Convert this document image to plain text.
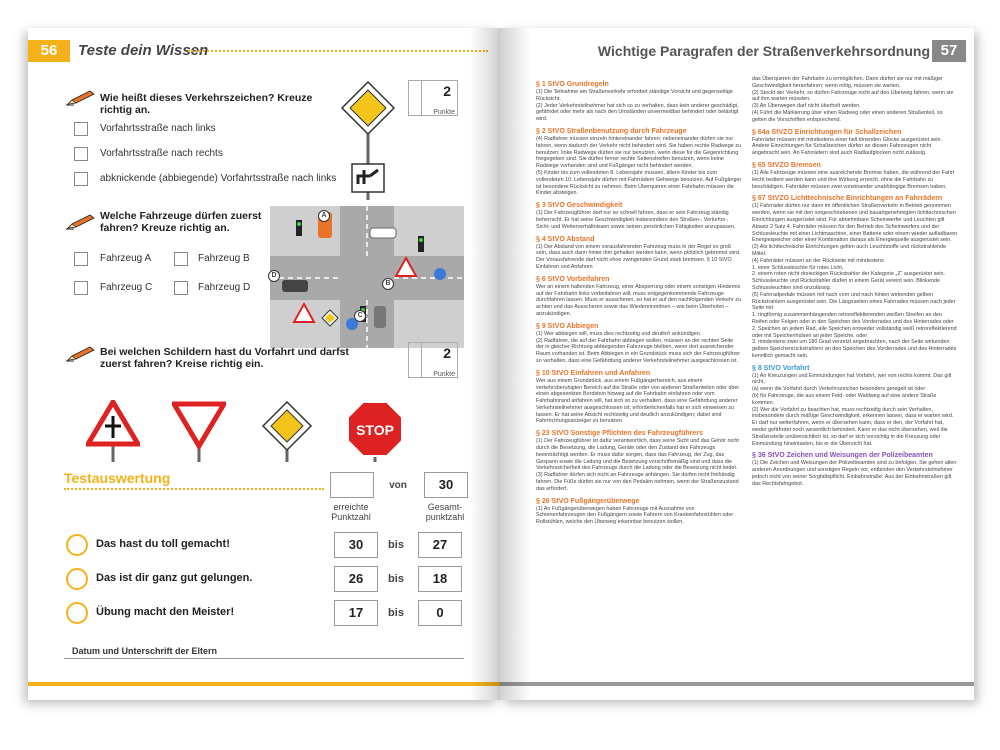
56	Teste dein Wissen
Wie heißt dieses Verkehrszeichen? Kreuze richtig an.
2
Punkte
Vorfahrtsstraße nach links
Vorfahrtsstraße nach rechts
abknickende (abbiegende) Vorfahrtsstraße nach links
Welche Fahrzeuge dürfen zuerst fahren? Kreuze richtig an.
A
B
C
D
Fahrzeug A	Fahrzeug B
Fahrzeug C	Fahrzeug D
Bei welchen Schildern hast du Vorfahrt und darfst zuerst fahren? Kreise richtig ein.
2
Punkte
STOP
Testauswertung	von	30
erreichte Punktzahl
Gesamt-punktzahl
Das hast du toll gemacht!	30	bis	27
Das ist dir ganz gut gelungen.	26	bis	18
Übung macht den Meister!	17	bis	0
Datum und Unterschrift der Eltern
Wichtige Paragrafen der Straßenverkehrsordnung 57
§ 1 StVO Grundregeln
(1) Die Teilnahme am Straßenverkehr erfordert ständige Vorsicht und gegenseitige Rücksicht.
(2) Jeder Verkehrsteilnehmer hat sich so zu verhalten, dass kein anderer geschädigt, gefährdet oder mehr als nach den Umständen unvermeidbar behindert oder belästigt wird.
§ 2 StVO Straßenbenutzung durch Fahrzeuge
(4) Radfahrer müssen einzeln hintereinander fahren; nebeneinander dürfen sie nur fahren, wenn dadurch der Verkehr nicht behindert wird. Sie haben rechte Radwege zu benutzen; linke Radwege dürfen sie nur benutzen, wenn diese für die Gegenrichtung freigegeben sind. Sie dürfen ferner rechte Seitenstreifen benutzen, wenn keine Radwege vorhanden sind und Fußgänger nicht behindert werden.
(5) Kinder bis zum vollendeten 8. Lebensjahr müssen, ältere Kinder bis zum vollendeten 10. Lebensjahr dürfen mit Fahrrädern Gehwege benutzen. Auf Fußgänger ist besondere Rücksicht zu nehmen. Beim Überqueren einer Fahrbahn müssen die Kinder absteigen.
§ 3 StVO Geschwindigkeit
(1) Der Fahrzeugführer darf nur so schnell fahren, dass er sein Fahrzeug ständig beherrscht. Er hat seine Geschwindigkeit insbesondere den Straßen-, Verkehrs-, Sicht- und Wetterverhältnissen sowie seinen persönlichen Fähigkeiten anzupassen.
§ 4 StVO Abstand
(1) Der Abstand von einem vorausfahrenden Fahrzeug muss in der Regel so groß sein, dass auch dann hinter ihm gehalten werden kann, wenn plötzlich gebremst wird. Der Vorausfahrende darf nicht ohne zwingenden Grund stark bremsen. § 10 StVO Einfahren und Anfahren
§ 6 StVO Vorbeifahren
Wer an einem haltenden Fahrzeug, einer Absperrung oder einem sonstigen Hindernis auf der Fahrbahn links vorbeifahren will, muss entgegenkommende Fahrzeuge durchfahren lassen. Muss er ausscheren, so hat er auf den nachfolgenden Verkehr zu achten und das Ausscheren sowie das Wiedereinordnen – wie beim Überholen – anzukündigen.
§ 9 StVO Abbiegen
(1) Wer abbiegen will, muss dies rechtzeitig und deutlich ankündigen.
(2) Radfahrer, die auf der Fahrbahn abbiegen wollen, müssen an der rechten Seite der in gleicher Richtung abbiegenden Fahrzeuge bleiben, wenn dort ausreichender Raum vorhanden ist. Beim Abbiegen in ein Grundstück muss sich der Fahrzeugführer so verhalten, dass eine Gefährdung anderer Verkehrsteilnehmer ausgeschlossen ist.
§ 10 StVO Einfahren und Anfahren
Wer aus einem Grundstück, aus einem Fußgängerbereich, aus einem verkehrsberuhigten Bereich auf die Straße oder von anderen Straßenteilen oder über einen abgesenkten Bordstein hinweg auf die Fahrbahn einfahren oder vom Fahrbahnrand anfahren will, hat sich so zu verhalten, dass eine Gefährdung anderer Verkehrsteilnehmer ausgeschlossen ist; erforderlichenfalls hat er sich einweisen zu lassen. Er hat seine Absicht rechtzeitig und deutlich anzukündigen; dabei sind Fahrtrichtungsanzeiger zu benutzen.
§ 23 StVO Sonstige Pflichten des Fahrzeugführers
(1) Der Fahrzeugführer ist dafür verantwortlich, dass seine Sicht und das Gehör nicht durch die Besetzung, die Ladung, Geräte oder den Zustand des Fahrzeugs beeinträchtigt werden. Er muss dafür sorgen, dass das Fahrzeug, der Zug, das Gespann sowie die Ladung und die Besetzung vorschriftsmäßig sind und dass die Verkehrssicherheit des Fahrzeugs durch die Ladung oder die Besetzung nicht leidet.
(3) Radfahrer dürfen sich nicht an Fahrzeuge anhängen. Sie dürfen nicht freihändig fahren. Die Füße dürfen sie nur von den Pedalen nehmen, wenn der Straßenzustand das erfordert.
§ 26 StVO Fußgängerüberwege
(1) An Fußgängerüberwegen haben Fahrzeuge mit Ausnahme von Schienenfahrzeugen den Fußgängern sowie Fahrern von Krankenfahrstühlen oder Rollstühlen, welche den Überweg erkennbar benutzen wollen,
das Überqueren der Fahrbahn zu ermöglichen. Dann dürfen sie nur mit mäßiger Geschwindigkeit heranfahren; wenn nötig, müssen sie warten.
(2) Stockt der Verkehr, so dürfen Fahrzeuge nicht auf den Überweg fahren, wenn sie auf ihm warten müssten.
(3) An Überwegen darf nicht überholt werden.
(4) Führt die Markierung über einen Radweg oder einen anderen Straßenteil, so gelten die Vorschriften entsprechend.
§ 64a StVZO Einrichtungen für Schallzeichen
Fahrräder müssen mit mindestens einer hell tönenden Glocke ausgerüstet sein. Andere Einrichtungen für Schallzeichen dürfen an diesen Fahrzeugen nicht angebracht sein. An Fahrrädern sind auch Radlaufglocken nicht zulässig.
§ 65 StVZO Bremsen
(1) Alle Fahrzeuge müssen eine ausreichende Bremse haben, die während der Fahrt leicht bedient werden kann und ihre Wirkung erreicht, ohne die Fahrbahn zu beschädigen. Fahrräder müssen zwei voneinander unabhängige Bremsen haben.
§ 67 StVZO Lichttechnische Einrichtungen an Fahrrädern
(1) Fahrräder dürfen nur dann im öffentlichen Straßenverkehr in Betrieb genommen werden, wenn sie mit den vorgeschriebenen und bauartgenehmigten lichttechnischen Einrichtungen ausgerüstet sind. Für abnehmbare Scheinwerfer und Leuchten gilt Absatz 2 Satz 4. Fahrräder müssen für den Betrieb des Scheinwerfers und der Schlussleuchte mit einer Lichtmaschine, einer Batterie oder einem wieder aufladbaren Energiespeicher oder einer Kombination daraus als Energiequelle ausgerüstet sein.
(2) Als lichttechnische Einrichtungen gelten auch Leuchtstoffe und rückstrahlende Mittel.
(4) Fahrräder müssen an der Rückseite mit mindestens
1. einer Schlussleuchte für rotes Licht,
2. einem roten nicht dreieckigen Rückstrahler der Kategorie „Z“ ausgerüstet sein. Schlussleuchte und Rückstrahler dürfen in einem Gerät vereint sein. Blinkende Schlussleuchten sind unzulässig.
(5) Fahrradpedale müssen mit nach vorn und nach hinten wirkenden gelben Rückstrahlern ausgerüstet sein. Die Längsseiten eines Fahrrades müssen nach jeder Seite mit
1. ringförmig zusammenhängenden retroreflektierenden weißen Streifen an den Reifen oder Felgen oder in den Speichen des Vorderrades und des Hinterrades oder
2. Speichen an jedem Rad, alle Speichen entweder vollständig weiß retroreflektierend oder mit Speichenhülsen an jeder Speiche, oder
3. mindestens zwei um 180 Grad versetzt angebrachten, nach der Seite wirkenden gelben Speichenrückstrahlern an den Speichen des Vorderrades und des Hinterrades kenntlich gemacht sein.
§ 8 StVO Vorfahrt
(1) An Kreuzungen und Einmündungen hat Vorfahrt, wer von rechts kommt. Das gilt nicht,
(a) wenn die Vorfahrt durch Verkehrszeichen besonders geregelt ist oder
(b) für Fahrzeuge, die aus einem Feld- oder Waldweg auf eine andere Straße kommen.
(2) Wer die Vorfahrt zu beachten hat, muss rechtzeitig durch sein Verhalten, insbesondere durch mäßige Geschwindigkeit, erkennen lassen, dass er warten wird. Er darf nur weiterfahren, wenn er übersehen kann, dass er den, der Vorfahrt hat, weder gefährdet noch wesentlich behindert. Kann er das nicht übersehen, weil die Straßenstelle unübersichtlich ist, so darf er sich vorsichtig in die Kreuzung oder Einmündung hineintasten, bis er die Übersicht hat.
§ 36 StVO Zeichen und Weisungen der Polizeibeamten
(1) Die Zeichen und Weisungen der Polizeibeamten sind zu befolgen. Sie gehen allen anderen Anordnungen und sonstigen Regeln vor, entbinden den Verkehrsteilnehmer jedoch nicht von seiner Sorgfaltspflicht. Einbahnstraße: Aus der Einbahnstraßen gilt das Rechtsfahrgebot.
